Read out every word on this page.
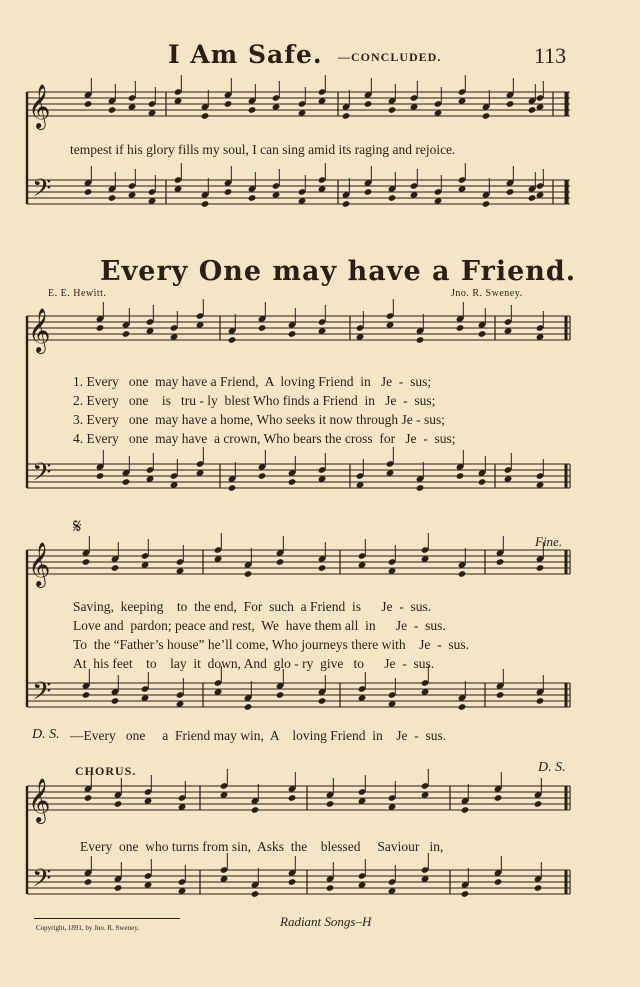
I Am Safe. —CONCLUDED.	113
𝄞
𝄢
𝄞
𝄢
𝄞
𝄢
𝄞
𝄢
tempest if his glory fills my soul, I can sing amid its raging and rejoice.
Every One may have a Friend.
E. E. Hewitt.	Jno. R. Sweney.
1. Every   one  may have a Friend,  A  loving Friend  in   Je  -  sus;
2. Every   one    is   tru - ly  blest Who finds a Friend  in   Je  -  sus;
3. Every   one  may have a home, Who seeks it now through Je - sus;
4. Every   one  may have  a crown, Who bears the cross  for   Je  -  sus;
𝄋
Fine.
Saving,  keeping    to  the end,  For  such  a Friend  is      Je  -  sus.
Love and  pardon; peace and rest,  We  have them all  in      Je  -  sus.
To  the “Father’s house” he’ll come, Who journeys there with    Je  -  sus.
At  his feet    to    lay  it  down, And  glo - ry  give   to      Je  -  sus.
D. S. —Every   one     a  Friend may win,  A    loving Friend  in    Je  -  sus.
CHORUS.	D. S.
Every  one  who turns from sin,  Asks  the    blessed     Saviour   in,
Copyright, 1891, by Jno. R. Sweney.	Radiant Songs–H
